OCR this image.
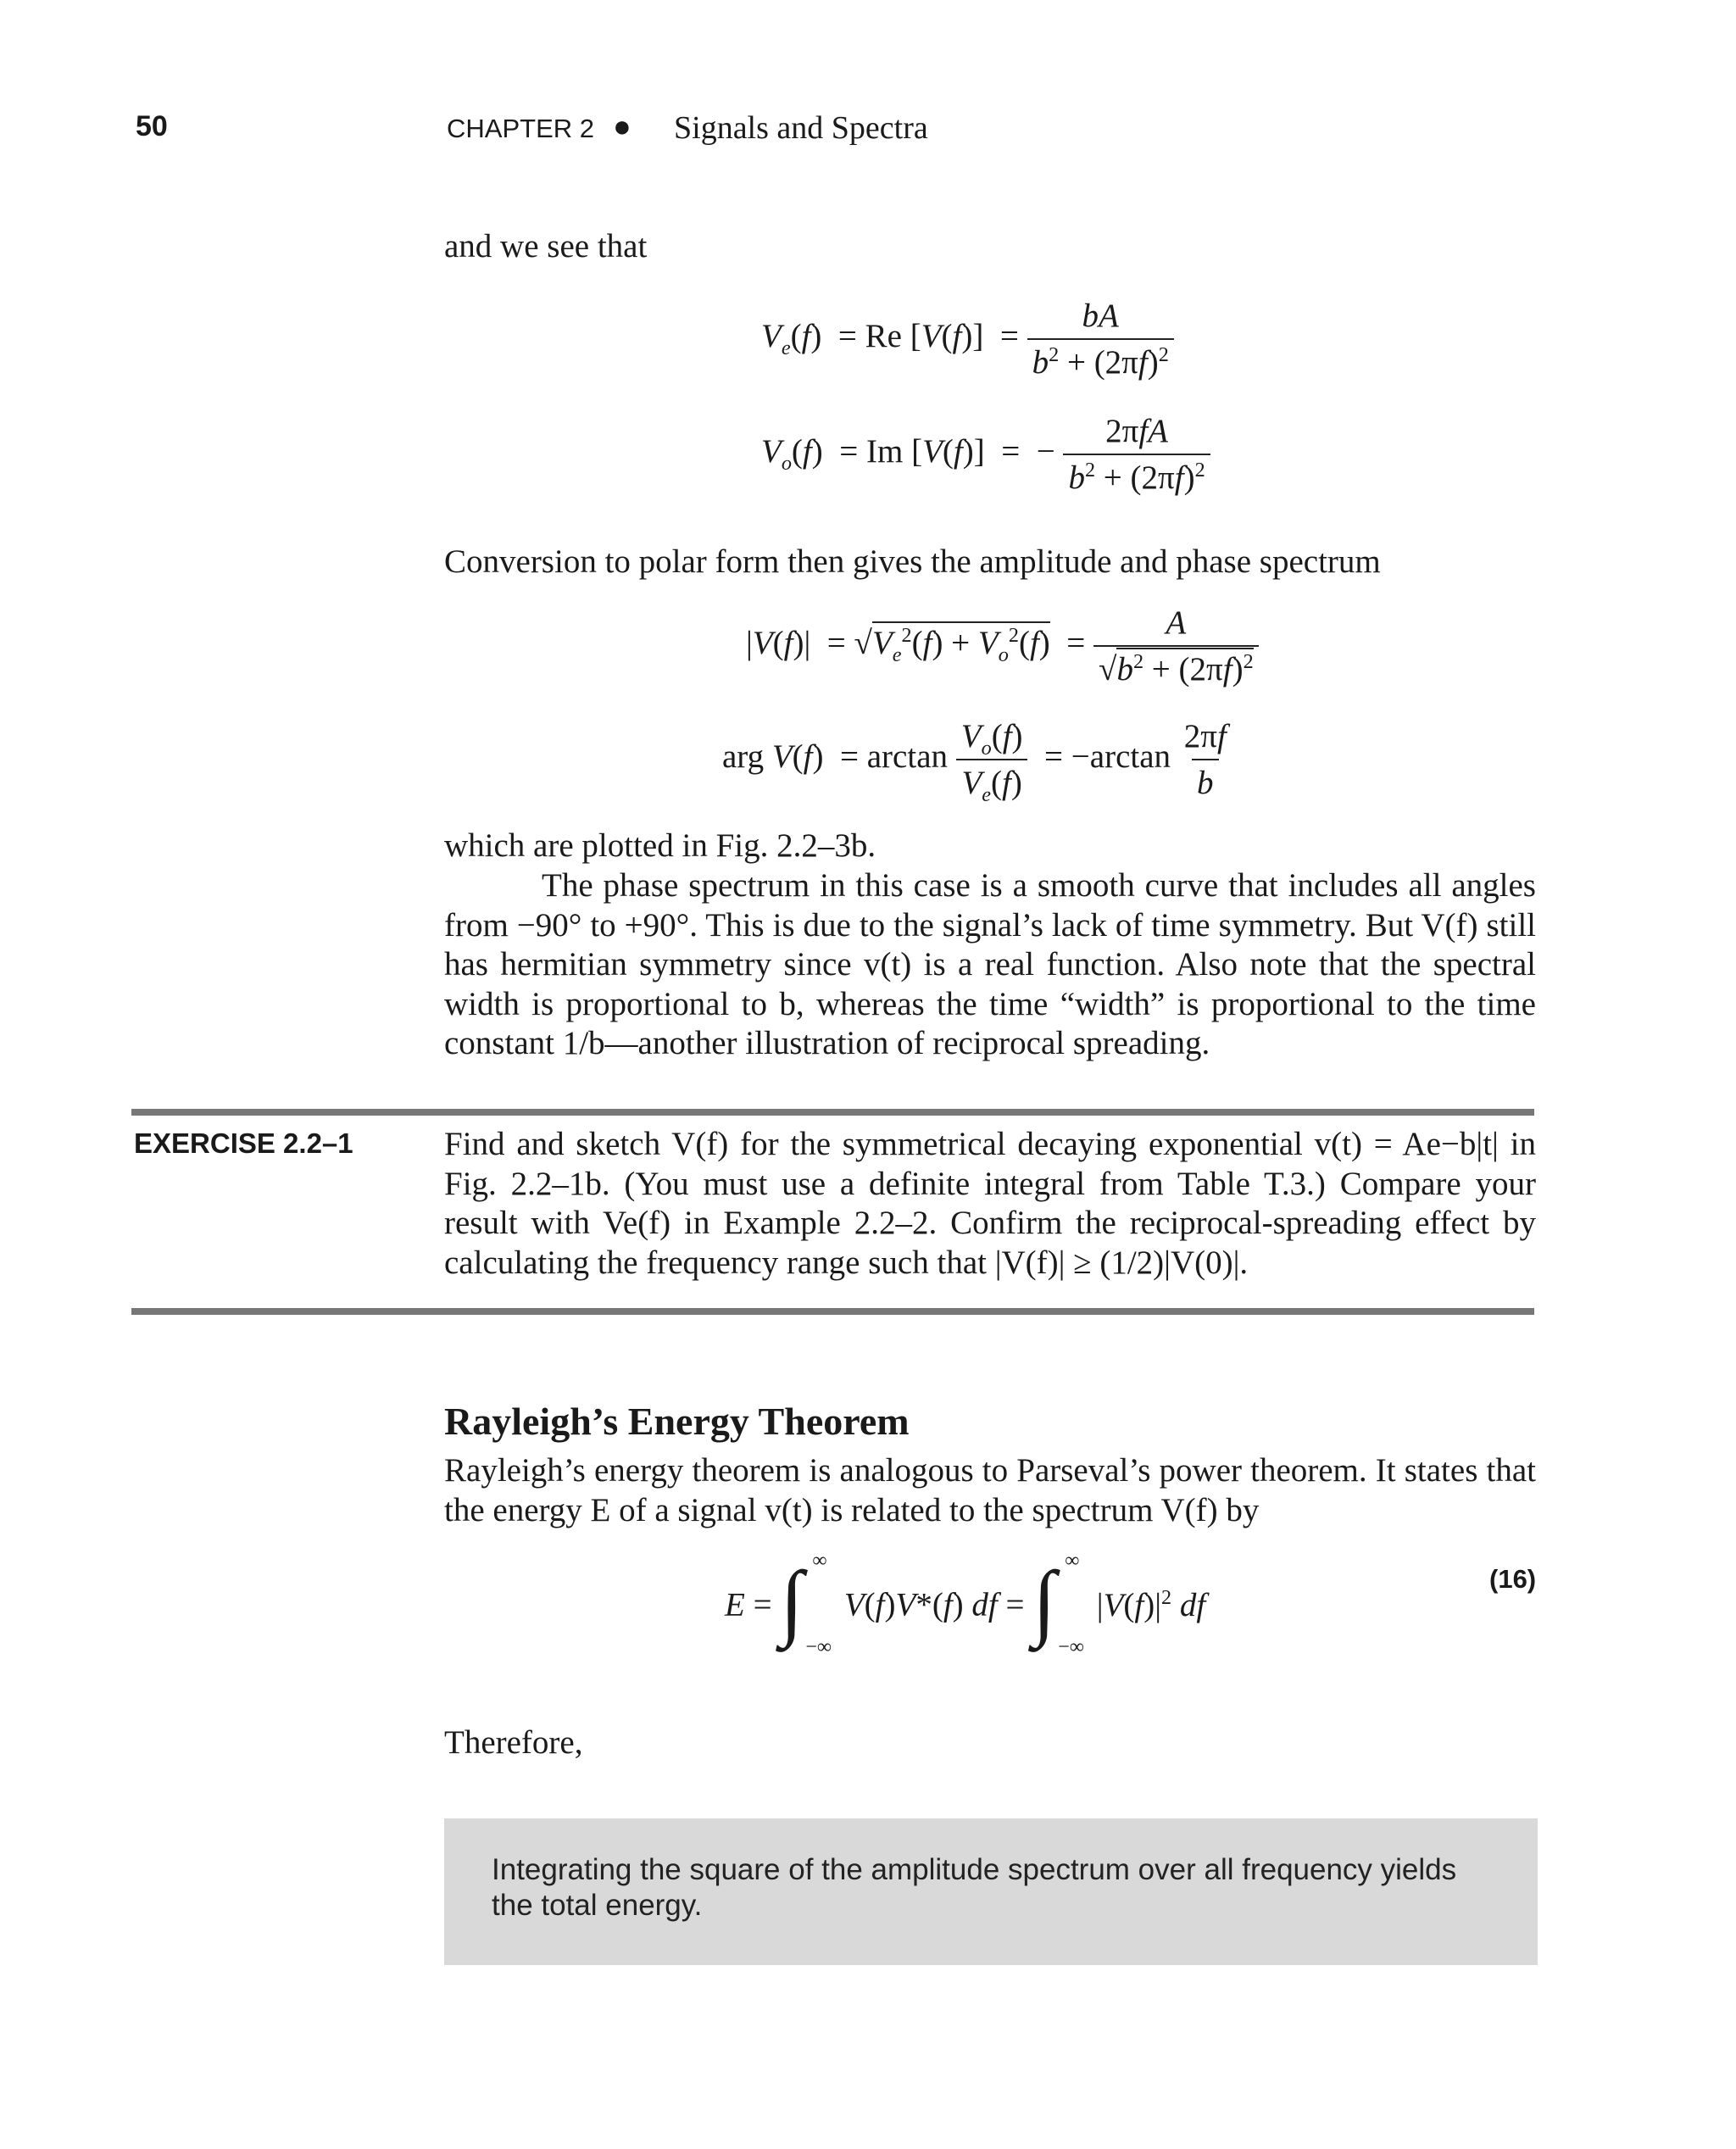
50	CHAPTER 2 ● Signals and Spectra
and we see that
$V_e(f) = Re$ $[V(f)] = \frac{bA}{b^2 + (2\pi f)^2}$
$V_o(f) = Im$ [V(f)]  =  − $\frac{\text{2πfA}}{b^2 + (2\pi f)^2}$
Conversion to polar form then gives the amplitude and phase spectrum
$|V(f)| = √V_e^2(f) + V_o^2(f) = \frac{A}{√b^2 + (2\pi f)^2}$
arg $V(f) = \arctan \frac{V_o(f)}{V_e(f)} = -\arctan \frac{2\pi f}{b}$
which are plotted in Fig. 2.2–3b.
The phase spectrum in this case is a smooth curve that includes all angles from −90° to +90°. This is due to the signal’s lack of time symmetry. But V(f) still has hermitian symmetry since v(t) is a real function. Also note that the spectral width is proportional to b, whereas the time “width” is proportional to the time constant 1/b—another illustration of reciprocal spreading.
EXERCISE 2.2–1	Find and sketch V(f) for the symmetrical decaying exponential v(t) = Ae−b|t| in Fig. 2.2–1b. (You must use a definite integral from Table T.3.) Compare your result with Ve(f) in Example 2.2–2. Confirm the reciprocal-spreading effect by calculating the frequency range such that |V(f)| ≥ (1/2)|V(0)|.
Rayleigh’s Energy Theorem
Rayleigh’s energy theorem is analogous to Parseval’s power theorem. It states that the energy E of a signal v(t) is related to the spectrum V(f) by
E = ∫ ∞
−∞
V(f)V*(f) df = ∫ ∞
−∞
$|V(f)|^2$ df
(16)
Therefore,
Integrating the square of the amplitude spectrum over all frequency yields the total energy.
